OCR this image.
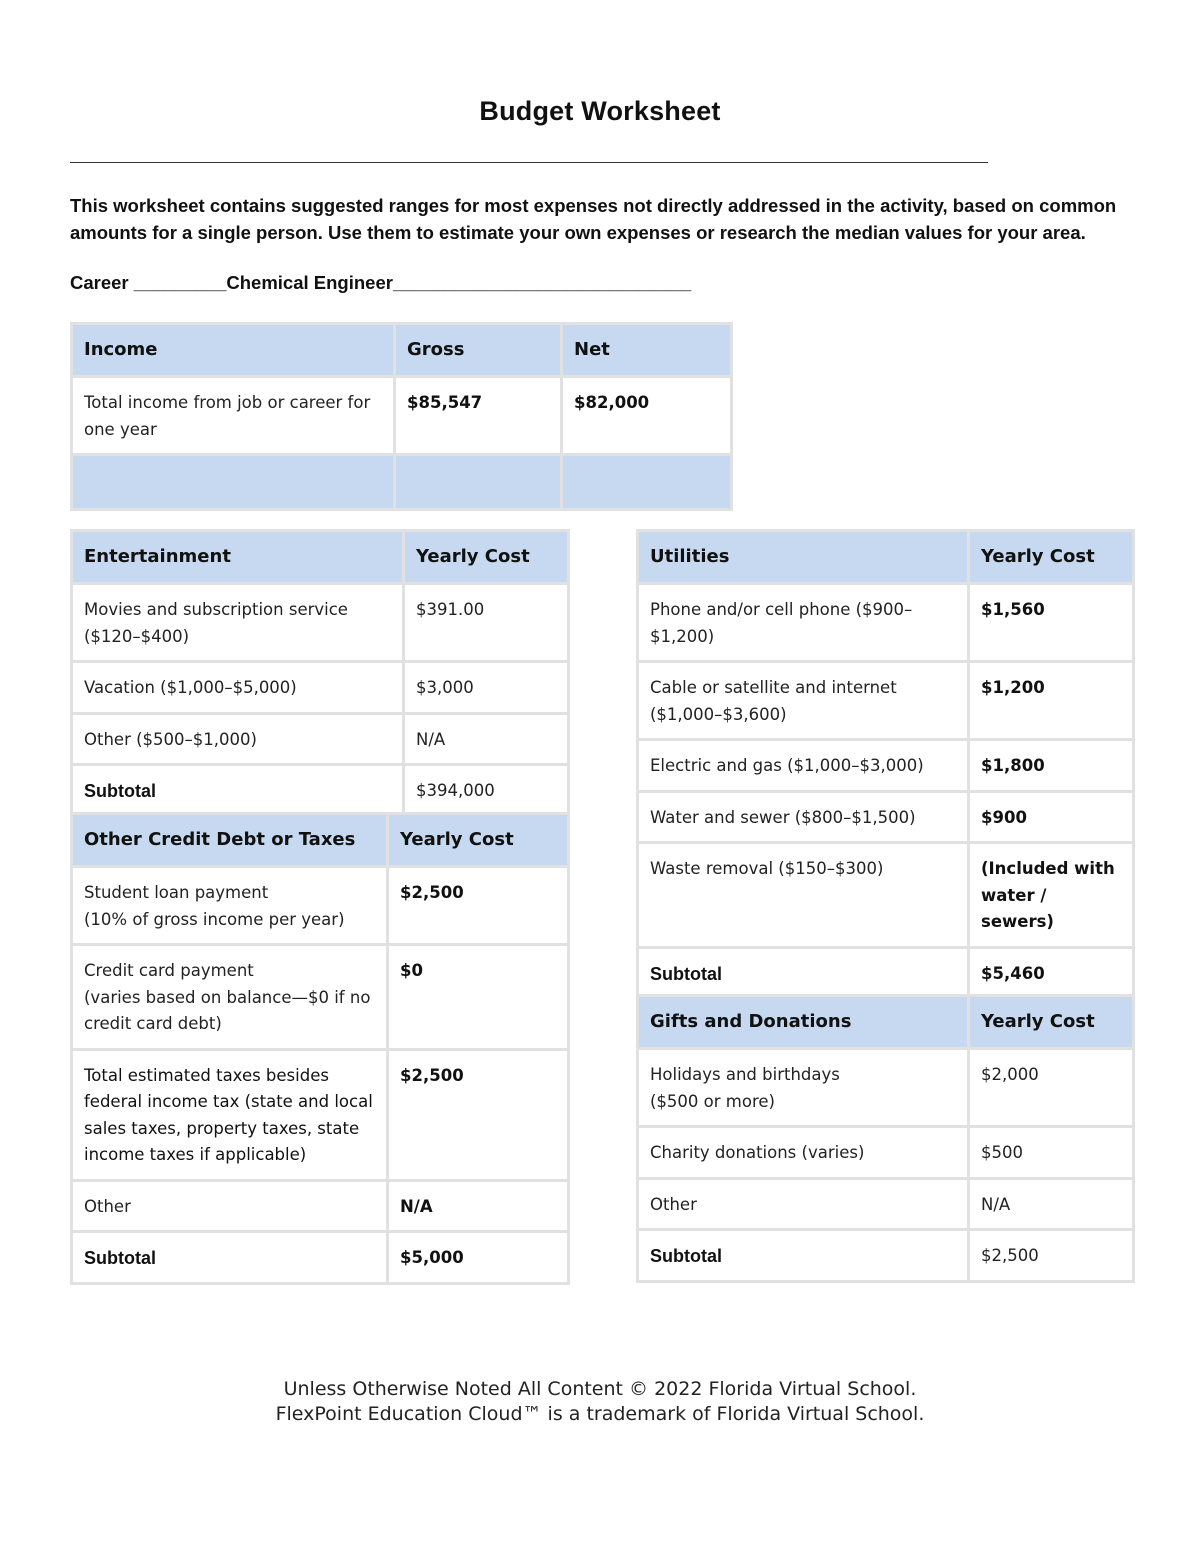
Budget Worksheet
This worksheet contains suggested ranges for most expenses not directly addressed in the activity, based on common amounts for a single person. Use them to estimate your own expenses or research the median values for your area.
Career _________Chemical Engineer_____________________________
Income	Gross	Net
Total income from job or career for one year	$85,547	$82,000

Entertainment	Yearly Cost
Movies and subscription service ($120–$400)	$391.00
Vacation ($1,000–$5,000)	$3,000
Other ($500–$1,000)	N/A
Subtotal	$394,000
Other Credit Debt or Taxes	Yearly Cost

Student loan payment
(10% of gross income per year)	$2,500

Credit card payment
(varies based on balance—$0 if no credit card debt)	$0
Total estimated taxes besides federal income tax (state and local sales taxes, property taxes, state income taxes if applicable)	$2,500
Other	N/A
Subtotal	$5,000
Utilities	Yearly Cost
Phone and/or cell phone ($900–$1,200)	$1,560
Cable or satellite and internet ($1,000–$3,600)	$1,200
Electric and gas ($1,000–$3,000)	$1,800
Water and sewer ($800–$1,500)	$900
Waste removal ($150–$300)	(Included with water / sewers)
Subtotal	$5,460
Gifts and Donations	Yearly Cost

Holidays and birthdays
($500 or more)	$2,000
Charity donations (varies)	$500
Other	N/A
Subtotal	$2,500
Unless Otherwise Noted All Content © 2022 Florida Virtual School.
FlexPoint Education Cloud™ is a trademark of Florida Virtual School.
